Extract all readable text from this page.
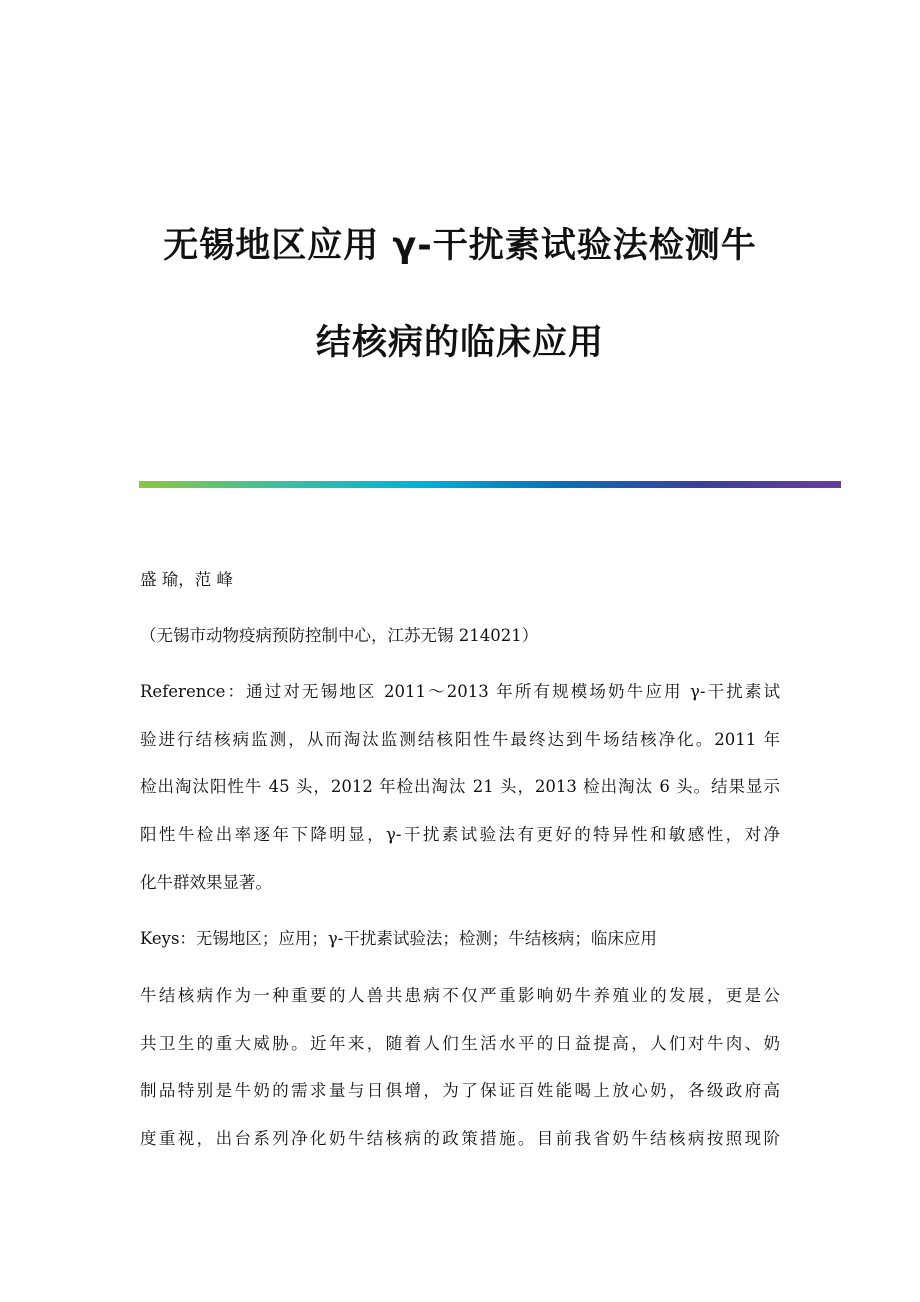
无锡地区应用 γ-干扰素试验法检测牛
结核病的临床应用
盛 瑜，范 峰
（无锡市动物疫病预防控制中心，江苏无锡 214021）
Reference：通过对无锡地区 2011～2013 年所有规模场奶牛应用 γ-干扰素试
验进行结核病监测，从而淘汰监测结核阳性牛最终达到牛场结核净化。2011 年
检出淘汰阳性牛 45 头，2012 年检出淘汰 21 头，2013 检出淘汰 6 头。结果显示
阳性牛检出率逐年下降明显，γ-干扰素试验法有更好的特异性和敏感性，对净
化牛群效果显著。
Keys：无锡地区；应用；γ-干扰素试验法；检测；牛结核病；临床应用
牛结核病作为一种重要的人兽共患病不仅严重影响奶牛养殖业的发展，更是公
共卫生的重大威胁。近年来，随着人们生活水平的日益提高，人们对牛肉、奶
制品特别是牛奶的需求量与日俱增，为了保证百姓能喝上放心奶，各级政府高
度重视，出台系列净化奶牛结核病的政策措施。目前我省奶牛结核病按照现阶
